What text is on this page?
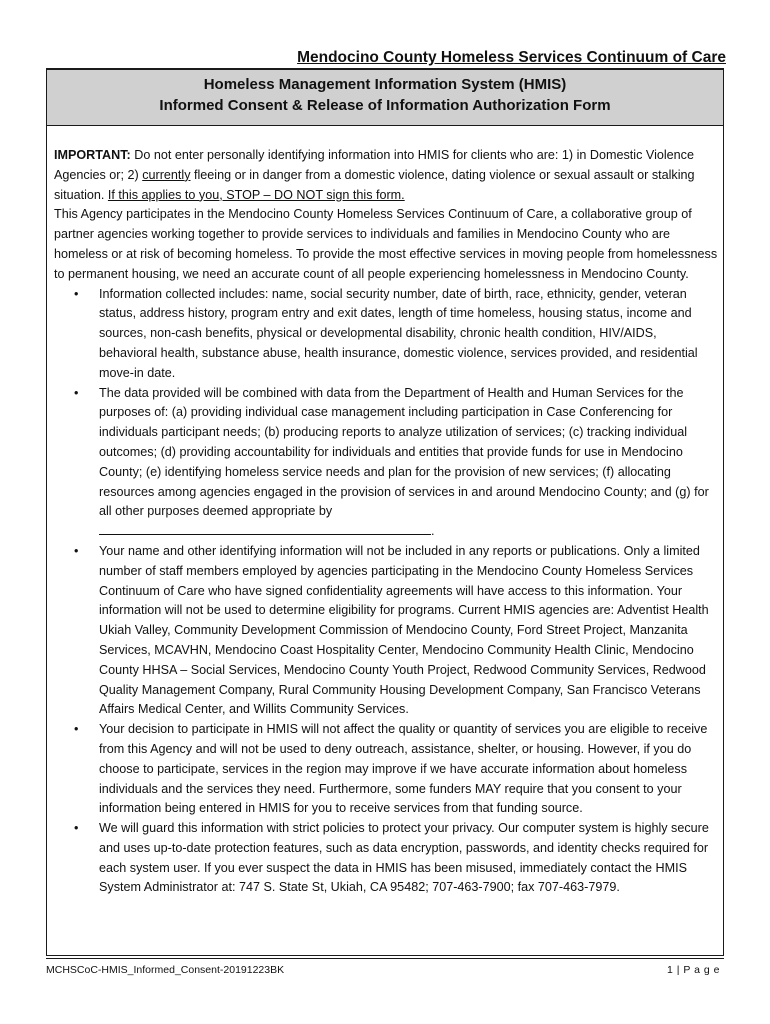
Mendocino County Homeless Services Continuum of Care
Homeless Management Information System (HMIS)
Informed Consent & Release of Information Authorization Form

IMPORTANT: Do not enter personally identifying information into HMIS for clients who are: 1) in Domestic Violence Agencies or; 2) currently fleeing or in danger from a domestic violence, dating violence or sexual assault or stalking situation. If this applies to you, STOP – DO NOT sign this form.

This Agency participates in the Mendocino County Homeless Services Continuum of Care, a collaborative group of partner agencies working together to provide services to individuals and families in Mendocino County who are homeless or at risk of becoming homeless. To provide the most effective services in moving people from homelessness to permanent housing, we need an accurate count of all people experiencing homelessness in Mendocino County.

• Information collected includes: name, social security number, date of birth, race, ethnicity, gender, veteran status, address history, program entry and exit dates, length of time homeless, housing status, income and sources, non-cash benefits, physical or developmental disability, chronic health condition, HIV/AIDS, behavioral health, substance abuse, health insurance, domestic violence, services provided, and residential move-in date.
• The data provided will be combined with data from the Department of Health and Human Services for the purposes of: (a) providing individual case management including participation in Case Conferencing for individuals participant needs; (b) producing reports to analyze utilization of services; (c) tracking individual outcomes; (d) providing accountability for individuals and entities that provide funds for use in Mendocino County; (e) identifying homeless service needs and plan for the provision of new services; (f) allocating resources among agencies engaged in the provision of services in and around Mendocino County; and (g) for all other purposes deemed appropriate by
.
• Your name and other identifying information will not be included in any reports or publications. Only a limited number of staff members employed by agencies participating in the Mendocino County Homeless Services Continuum of Care who have signed confidentiality agreements will have access to this information. Your information will not be used to determine eligibility for programs. Current HMIS agencies are: Adventist Health Ukiah Valley, Community Development Commission of Mendocino County, Ford Street Project, Manzanita Services, MCAVHN, Mendocino Coast Hospitality Center, Mendocino Community Health Clinic, Mendocino County HHSA – Social Services, Mendocino County Youth Project, Redwood Community Services, Redwood Quality Management Company, Rural Community Housing Development Company, San Francisco Veterans Affairs Medical Center, and Willits Community Services.
• Your decision to participate in HMIS will not affect the quality or quantity of services you are eligible to receive from this Agency and will not be used to deny outreach, assistance, shelter, or housing. However, if you do choose to participate, services in the region may improve if we have accurate information about homeless individuals and the services they need. Furthermore, some funders MAY require that you consent to your information being entered in HMIS for you to receive services from that funding source.
• We will guard this information with strict policies to protect your privacy. Our computer system is highly secure and uses up-to-date protection features, such as data encryption, passwords, and identity checks required for each system user. If you ever suspect the data in HMIS has been misused, immediately contact the HMIS System Administrator at: 747 S. State St, Ukiah, CA 95482; 707-463-7900; fax 707-463-7979.
MCHSCoC-HMIS_Informed_Consent-20191223BK	1 | P a g e
